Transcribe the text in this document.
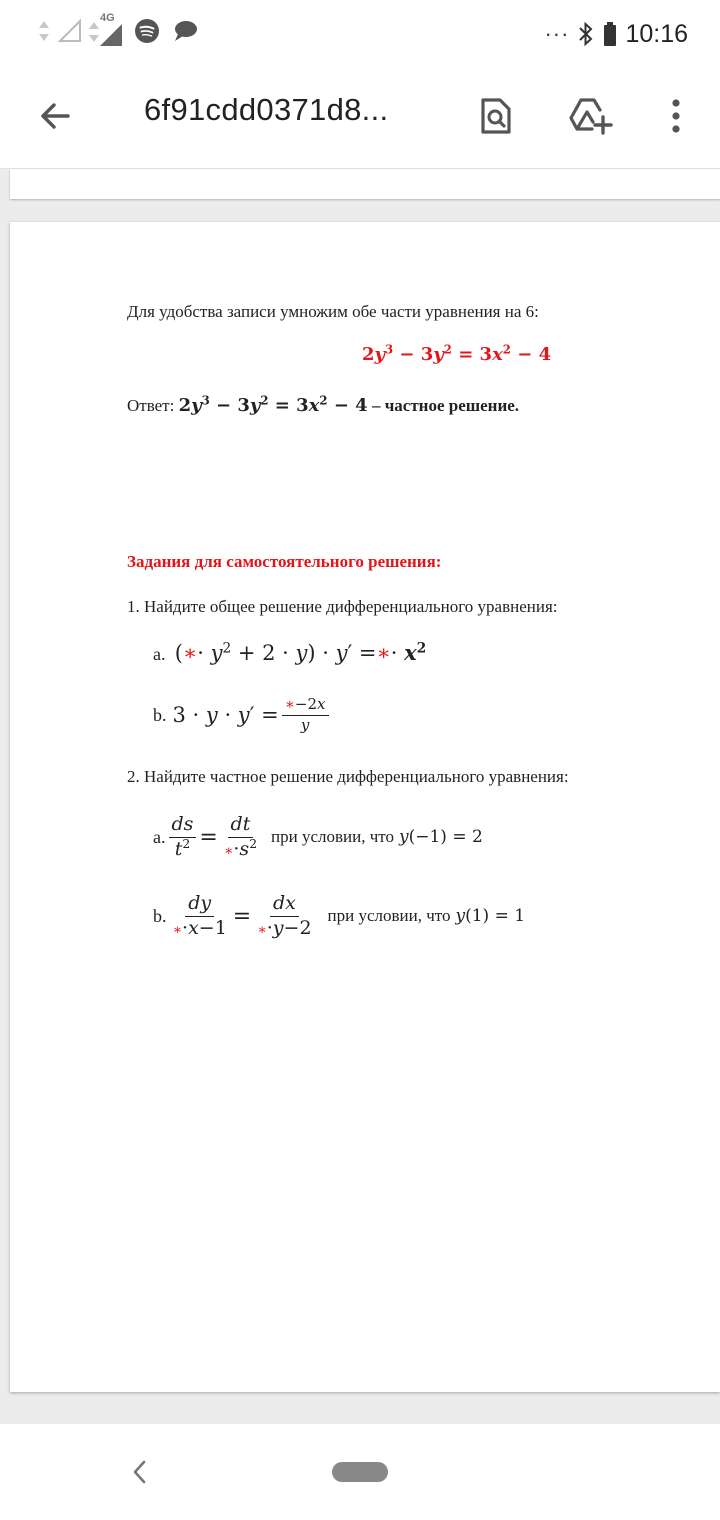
4G
··· 10:16
6f91cdd0371d8...
Для удобства записи умножим обе части уравнения на 6:
$2y^3 - 3y^2 = 3x^2 - 4$
Ответ: $2y^3 - 3y^2 = 3x^2 - 4$ – частное решение.
Задания для самостоятельного решения:
1. Найдите общее решение дифференциального уравнения:
a. (∗· $y^2 + 2 \cdot y) \cdot y'$ =∗· $x^2$
b. 3 · y · y ′ = $\frac{∗-2x}{y}$
2. Найдите частное решение дифференциального уравнения:
a. $\frac{ds}{t^2} = \frac{dt}{∗\cdot s^2}$ при условии, что y(−1) = 2
b. $\frac{dy}{∗\cdot x-1} = \frac{dx}{∗\cdot y-2}$ при условии, что y(1) = 1
